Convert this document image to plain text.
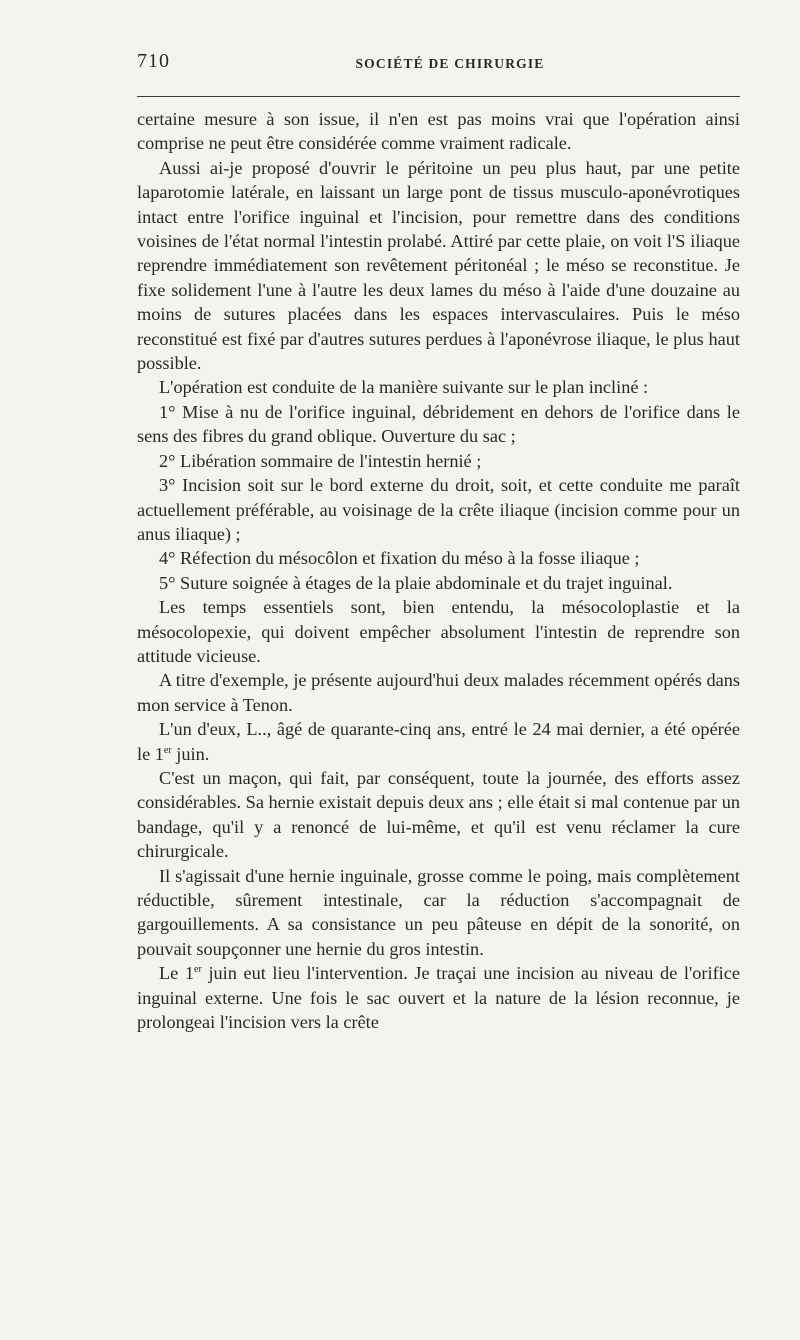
710	SOCIÉTÉ DE CHIRURGIE

certaine mesure à son issue, il n'en est pas moins vrai que l'opération ainsi comprise ne peut être considérée comme vraiment radicale.

Aussi ai-je proposé d'ouvrir le péritoine un peu plus haut, par une petite laparotomie latérale, en laissant un large pont de tissus musculo-aponévrotiques intact entre l'orifice inguinal et l'incision, pour remettre dans des conditions voisines de l'état normal l'intestin prolabé. Attiré par cette plaie, on voit l'S iliaque reprendre immédiatement son revêtement péritonéal ; le méso se reconstitue. Je fixe solidement l'une à l'autre les deux lames du méso à l'aide d'une douzaine au moins de sutures placées dans les espaces intervasculaires. Puis le méso reconstitué est fixé par d'autres sutures perdues à l'aponévrose iliaque, le plus haut possible.

L'opération est conduite de la manière suivante sur le plan incliné :

1° Mise à nu de l'orifice inguinal, débridement en dehors de l'orifice dans le sens des fibres du grand oblique. Ouverture du sac ;

2° Libération sommaire de l'intestin hernié ;

3° Incision soit sur le bord externe du droit, soit, et cette conduite me paraît actuellement préférable, au voisinage de la crête iliaque (incision comme pour un anus iliaque) ;

4° Réfection du mésocôlon et fixation du méso à la fosse iliaque ;

5° Suture soignée à étages de la plaie abdominale et du trajet inguinal.

Les temps essentiels sont, bien entendu, la mésocoloplastie et la mésocolopexie, qui doivent empêcher absolument l'intestin de reprendre son attitude vicieuse.

A titre d'exemple, je présente aujourd'hui deux malades récemment opérés dans mon service à Tenon.

L'un d'eux, L.., âgé de quarante-cinq ans, entré le 24 mai dernier, a été opérée le 1er juin.

C'est un maçon, qui fait, par conséquent, toute la journée, des efforts assez considérables. Sa hernie existait depuis deux ans ; elle était si mal contenue par un bandage, qu'il y a renoncé de lui-même, et qu'il est venu réclamer la cure chirurgicale.

Il s'agissait d'une hernie inguinale, grosse comme le poing, mais complètement réductible, sûrement intestinale, car la réduction s'accompagnait de gargouillements. A sa consistance un peu pâteuse en dépit de la sonorité, on pouvait soupçonner une hernie du gros intestin.

Le 1er juin eut lieu l'intervention. Je traçai une incision au niveau de l'orifice inguinal externe. Une fois le sac ouvert et la nature de la lésion reconnue, je prolongeai l'incision vers la crête
